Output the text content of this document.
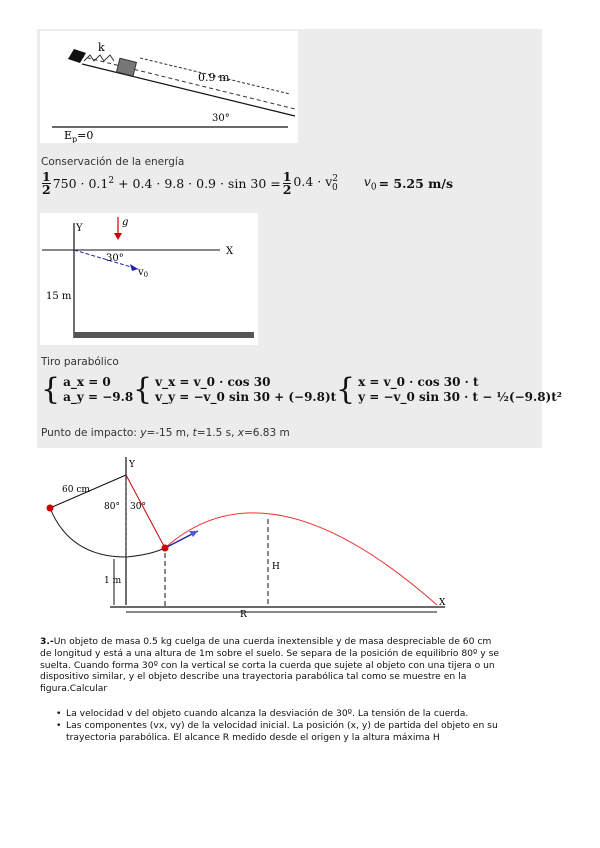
k
0.9 m
30°
$E_p=0$
Conservación de la energía
$\frac{1}{2} 750 \cdot 0.1^2 + 0.4 \cdot 9.8 \cdot 0.9 \cdot \sin 30 = \frac{1}{2} 0.4 \cdot v^2_0$ $v_0 = 5.25$ m/s
Y
X
g
30°
$v_0$
15 m
Tiro parabólico
{ a_x = 0
a_y = −9.8 { v_x = v_0 · cos 30
v_y = −v_0 sin 30 + (−9.8)t { x = v_0 · cos 30 · t
y = −v_0 sin 30 · t − ½(−9.8)t²
Punto de impacto: y=-15 m, t=1.5 s, x=6.83 m
60 cm
80° 30°
Y
X
1 m
H
R
3.-Un objeto de masa 0.5 kg cuelga de una cuerda inextensible y de masa despreciable de 60 cm de longitud y está a una altura de 1m sobre el suelo. Se separa de la posición de equilibrio 80º y se suelta. Cuando forma 30º con la vertical se corta la cuerda que sujete al objeto con una tijera o un dispositivo similar, y el objeto describe una trayectoria parabólica tal como se muestre en la figura.Calcular
• La velocidad v del objeto cuando alcanza la desviación de 30º. La tensión de la cuerda.
• Las componentes (vx, vy) de la velocidad inicial. La posición (x, y) de partida del objeto en su trayectoria parabólica. El alcance R medido desde el origen y la altura máxima H
